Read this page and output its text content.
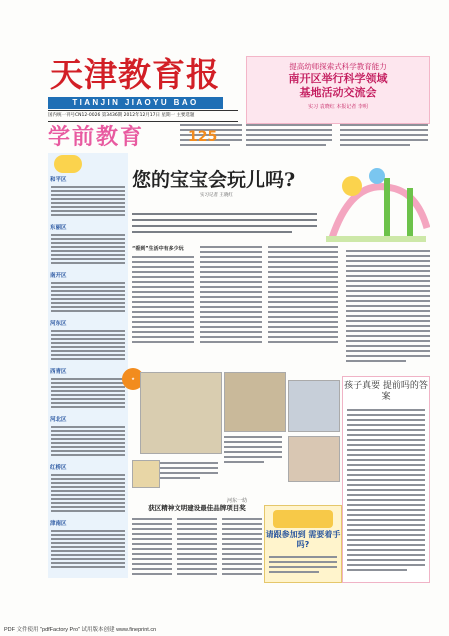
天津教育报
TIANJIN JIAOYU BAO
国内统一刊号CN12-0026 第3436期 2012年12月17日 星期一 主要选题
提高幼师探索式科学教育能力
南开区举行科学领域
基地活动交流会
实习 袁晓红 本报记者 李明
学前教育	125
和平区
东丽区
南开区
河东区
西青区
河北区
红桥区
津南区
您的宝宝会玩儿吗?
实习记者 王晓红
“看到”生活中有多少玩
★
孩子真要 提前吗的答案
河东一幼
获区精神文明建设最佳品牌项目奖
请跟参加到 需要着手吗?
PDF 文件使用 "pdfFactory Pro" 试用版本创建 www.fineprint.cn
